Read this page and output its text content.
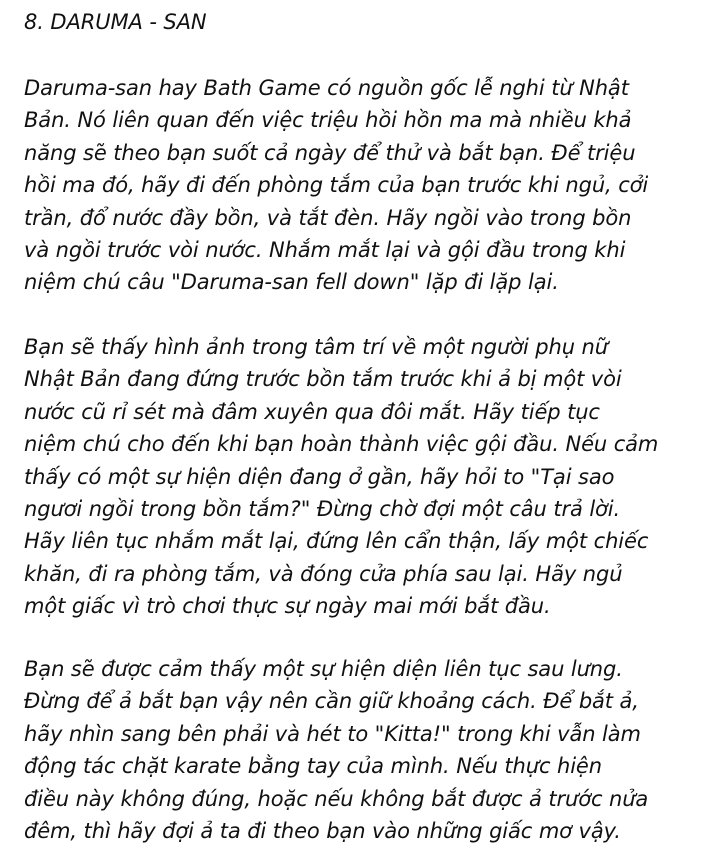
8. DARUMA - SAN
Daruma-san hay Bath Game có nguồn gốc lễ nghi từ Nhật
Bản. Nó liên quan đến việc triệu hồi hồn ma mà nhiều khả
năng sẽ theo bạn suốt cả ngày để thử và bắt bạn. Để triệu
hồi ma đó, hãy đi đến phòng tắm của bạn trước khi ngủ, cởi
trần, đổ nước đầy bồn, và tắt đèn. Hãy ngồi vào trong bồn
và ngồi trước vòi nước. Nhắm mắt lại và gội đầu trong khi
niệm chú câu "Daruma-san fell down" lặp đi lặp lại.
Bạn sẽ thấy hình ảnh trong tâm trí về một người phụ nữ
Nhật Bản đang đứng trước bồn tắm trước khi ả bị một vòi
nước cũ rỉ sét mà đâm xuyên qua đôi mắt. Hãy tiếp tục
niệm chú cho đến khi bạn hoàn thành việc gội đầu. Nếu cảm
thấy có một sự hiện diện đang ở gần, hãy hỏi to "Tại sao
ngươi ngồi trong bồn tắm?" Đừng chờ đợi một câu trả lời.
Hãy liên tục nhắm mắt lại, đứng lên cẩn thận, lấy một chiếc
khăn, đi ra phòng tắm, và đóng cửa phía sau lại. Hãy ngủ
một giấc vì trò chơi thực sự ngày mai mới bắt đầu.
Bạn sẽ được cảm thấy một sự hiện diện liên tục sau lưng.
Đừng để ả bắt bạn vậy nên cần giữ khoảng cách. Để bắt ả,
hãy nhìn sang bên phải và hét to "Kitta!" trong khi vẫn làm
động tác chặt karate bằng tay của mình. Nếu thực hiện
điều này không đúng, hoặc nếu không bắt được ả trước nửa
đêm, thì hãy đợi ả ta đi theo bạn vào những giấc mơ vậy.
